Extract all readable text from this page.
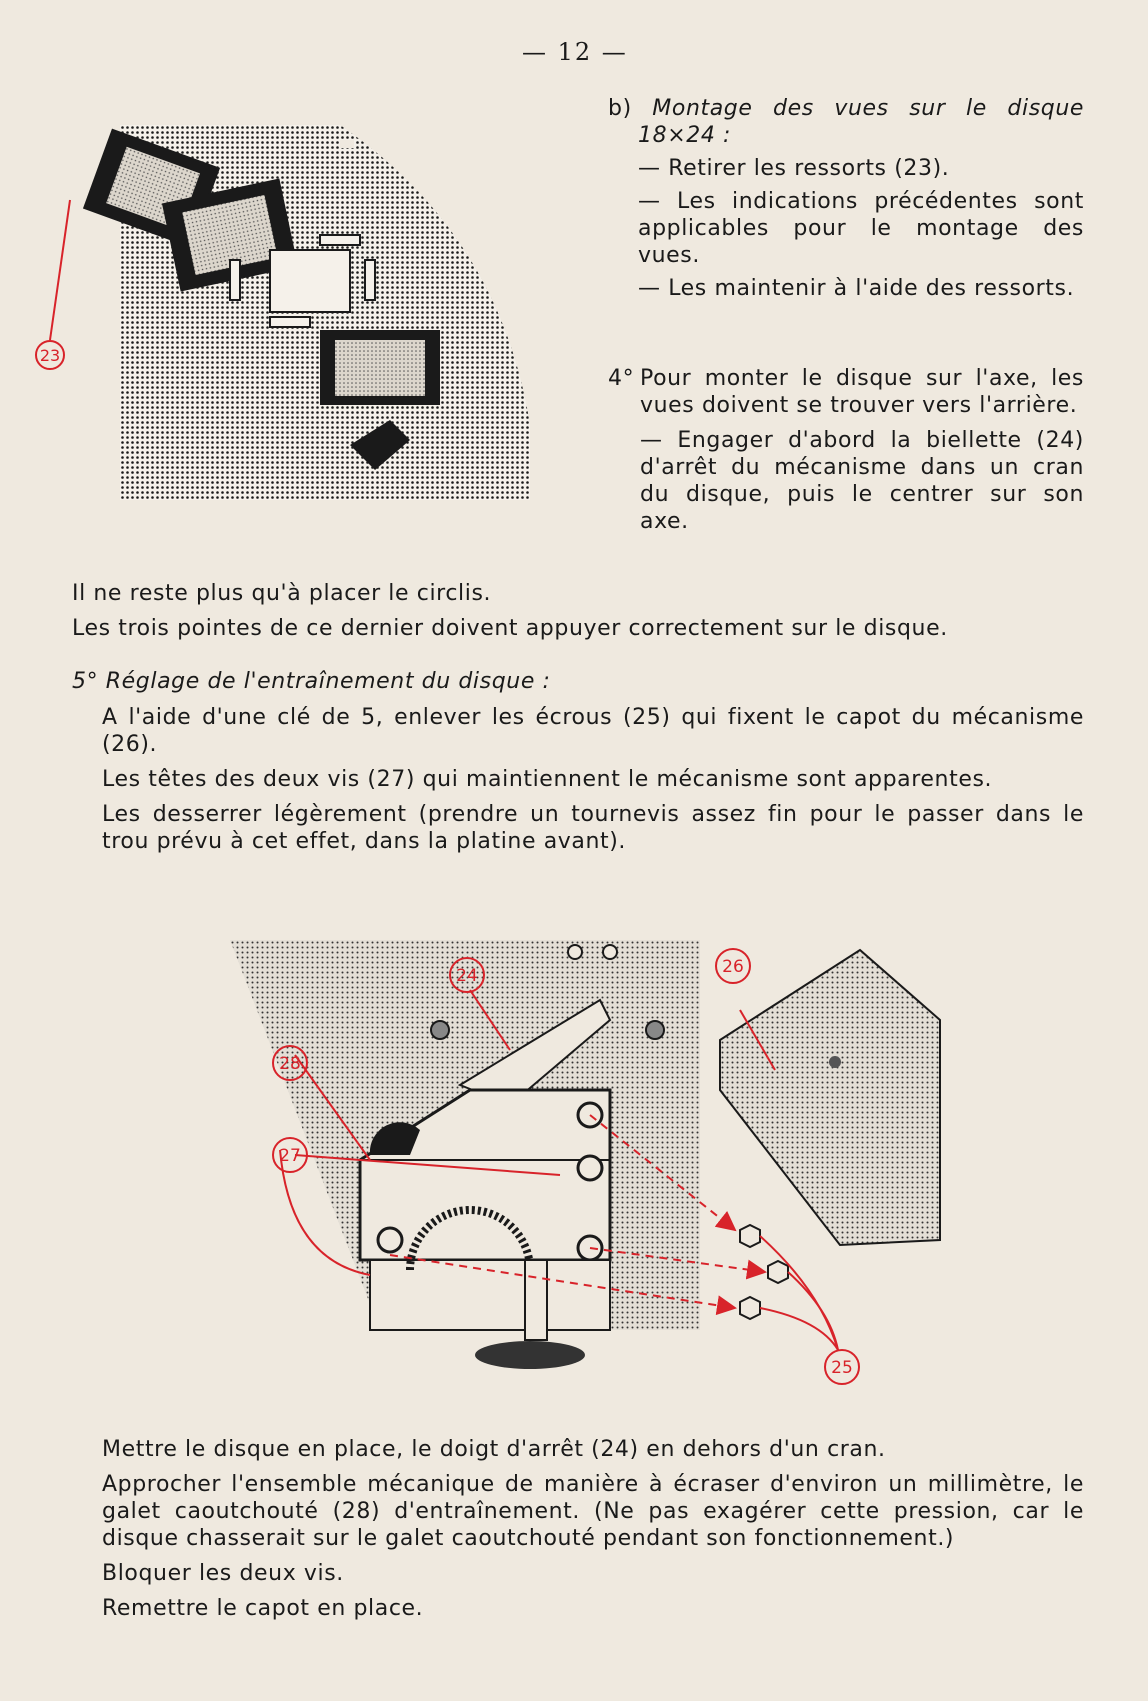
— 12 —

23
b) Montage des vues sur le disque
18×24 :
— Retirer les ressorts (23).
— Les indications précédentes sont applicables pour le montage des vues.
— Les maintenir à l'aide des ressorts.
4° Pour monter le disque sur l'axe, les vues doivent se trouver vers l'arrière.
— Engager d'abord la biellette (24) d'arrêt du mécanisme dans un cran du disque, puis le centrer sur son axe.
Il ne reste plus qu'à placer le circlis.
Les trois pointes de ce dernier doivent appuyer correctement sur le disque.
5° Réglage de l'entraînement du disque :
A l'aide d'une clé de 5, enlever les écrous (25) qui fixent le capot du mécanisme (26).
Les têtes des deux vis (27) qui maintiennent le mécanisme sont apparentes.
Les desserrer légèrement (prendre un tournevis assez fin pour le passer dans le trou prévu à cet effet, dans la platine avant).
24	26
28
27
25
Mettre le disque en place, le doigt d'arrêt (24) en dehors d'un cran.
Approcher l'ensemble mécanique de manière à écraser d'environ un millimètre, le galet caoutchouté (28) d'entraînement. (Ne pas exagérer cette pression, car le disque chasserait sur le galet caoutchouté pendant son fonctionnement.)
Bloquer les deux vis.
Remettre le capot en place.
